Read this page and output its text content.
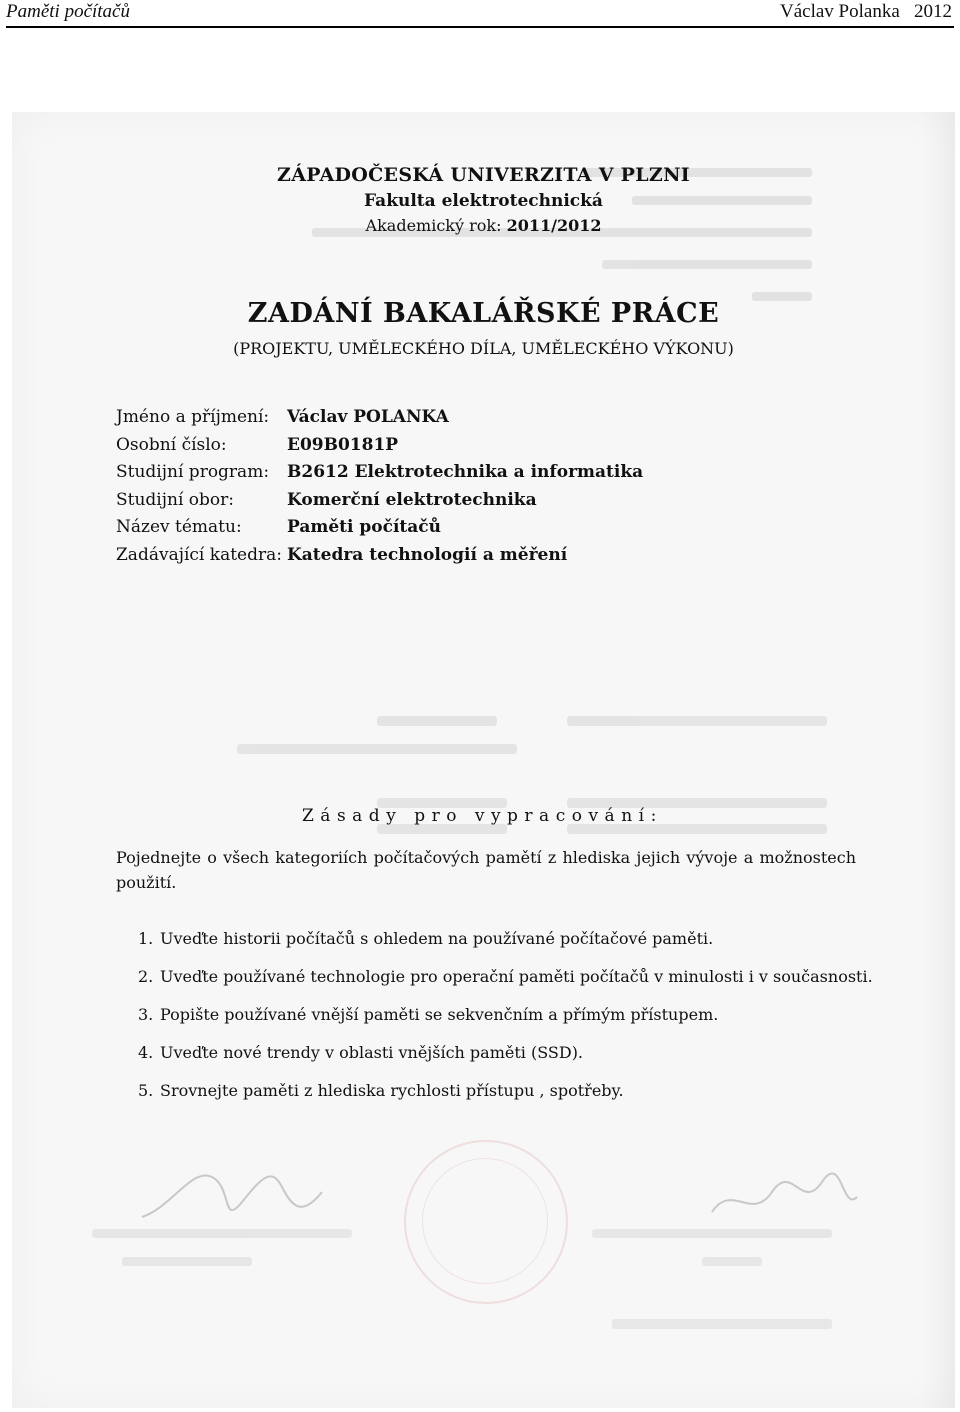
Paměti počítačů	Václav Polanka   2012
ZÁPADOČESKÁ UNIVERZITA V PLZNI
Fakulta elektrotechnická
Akademický rok: 2011/2012
ZADÁNÍ BAKALÁŘSKÉ PRÁCE
(PROJEKTU, UMĚLECKÉHO DÍLA, UMĚLECKÉHO VÝKONU)
Jméno a příjmení: Václav POLANKA
Osobní číslo:	E09B0181P
Studijní program: B2612 Elektrotechnika a informatika
Studijní obor:	Komerční elektrotechnika
Název tématu:	Paměti počítačů
Zadávající katedra: Katedra technologií a měření
Zásady pro vypracování:
Pojednejte o všech kategoriích počítačových pamětí z hlediska jejich vývoje a možnostech použití.
1. Uveďte historii počítačů s ohledem na používané počítačové paměti.
2. Uveďte používané technologie pro operační paměti počítačů v minulosti i v současnosti.
3. Popište používané vnější paměti se sekvenčním a přímým přístupem.
4. Uveďte nové trendy v oblasti vnějších paměti (SSD).
5. Srovnejte paměti z hlediska rychlosti přístupu , spotřeby.
